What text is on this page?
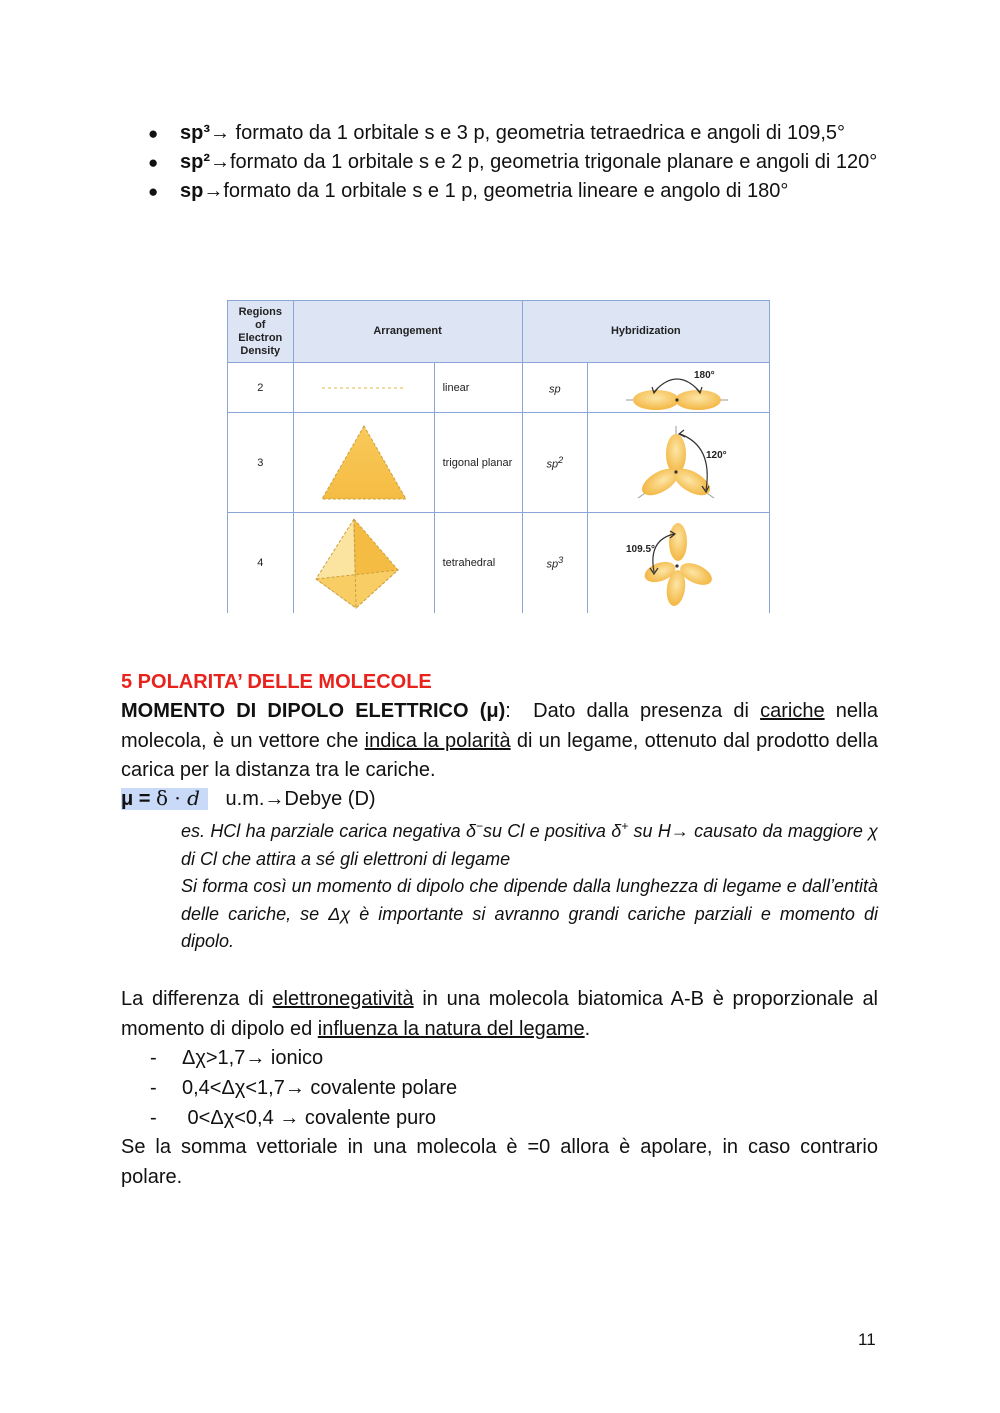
● sp³→ formato da 1 orbitale s e 3 p, geometria tetraedrica e angoli di 109,5°
● sp²→formato da 1 orbitale s e 2 p, geometria trigonale planare e angoli di 120°
● sp→formato da 1 orbitale s e 1 p, geometria lineare e angolo di 180°
Regions of Electron Density	Arrangement		Hybridization	
2		linear	sp	180°

3		trigonal planar	$sp^2$	120°

4		tetrahedral	$sp^3$	109.5°
5 POLARITA’ DELLE MOLECOLE

MOMENTO DI DIPOLO ELETTRICO (μ):  Dato dalla presenza di cariche nella molecola, è un vettore che indica la polarità di un legame, ottenuto dal prodotto della carica per la distanza tra le cariche.

μ = δ · d u.m.→Debye (D)

es. HCl ha parziale carica negativa δ−su Cl e positiva δ+ su H→ causato da maggiore χ di Cl che attira a sé gli elettroni di legame
Si forma così un momento di dipolo che dipende dalla lunghezza di legame e dall’entità delle cariche, se Δχ è importante si avranno grandi cariche parziali e momento di dipolo.

La differenza di elettronegatività in una molecola biatomica A-B è proporzionale al momento di dipolo ed influenza la natura del legame.

- Δχ>1,7→ ionico
- 0,4<Δχ<1,7→ covalente polare
- 0<Δχ<0,4 → covalente puro

Se la somma vettoriale in una molecola è =0 allora è apolare, in caso contrario polare.

11
